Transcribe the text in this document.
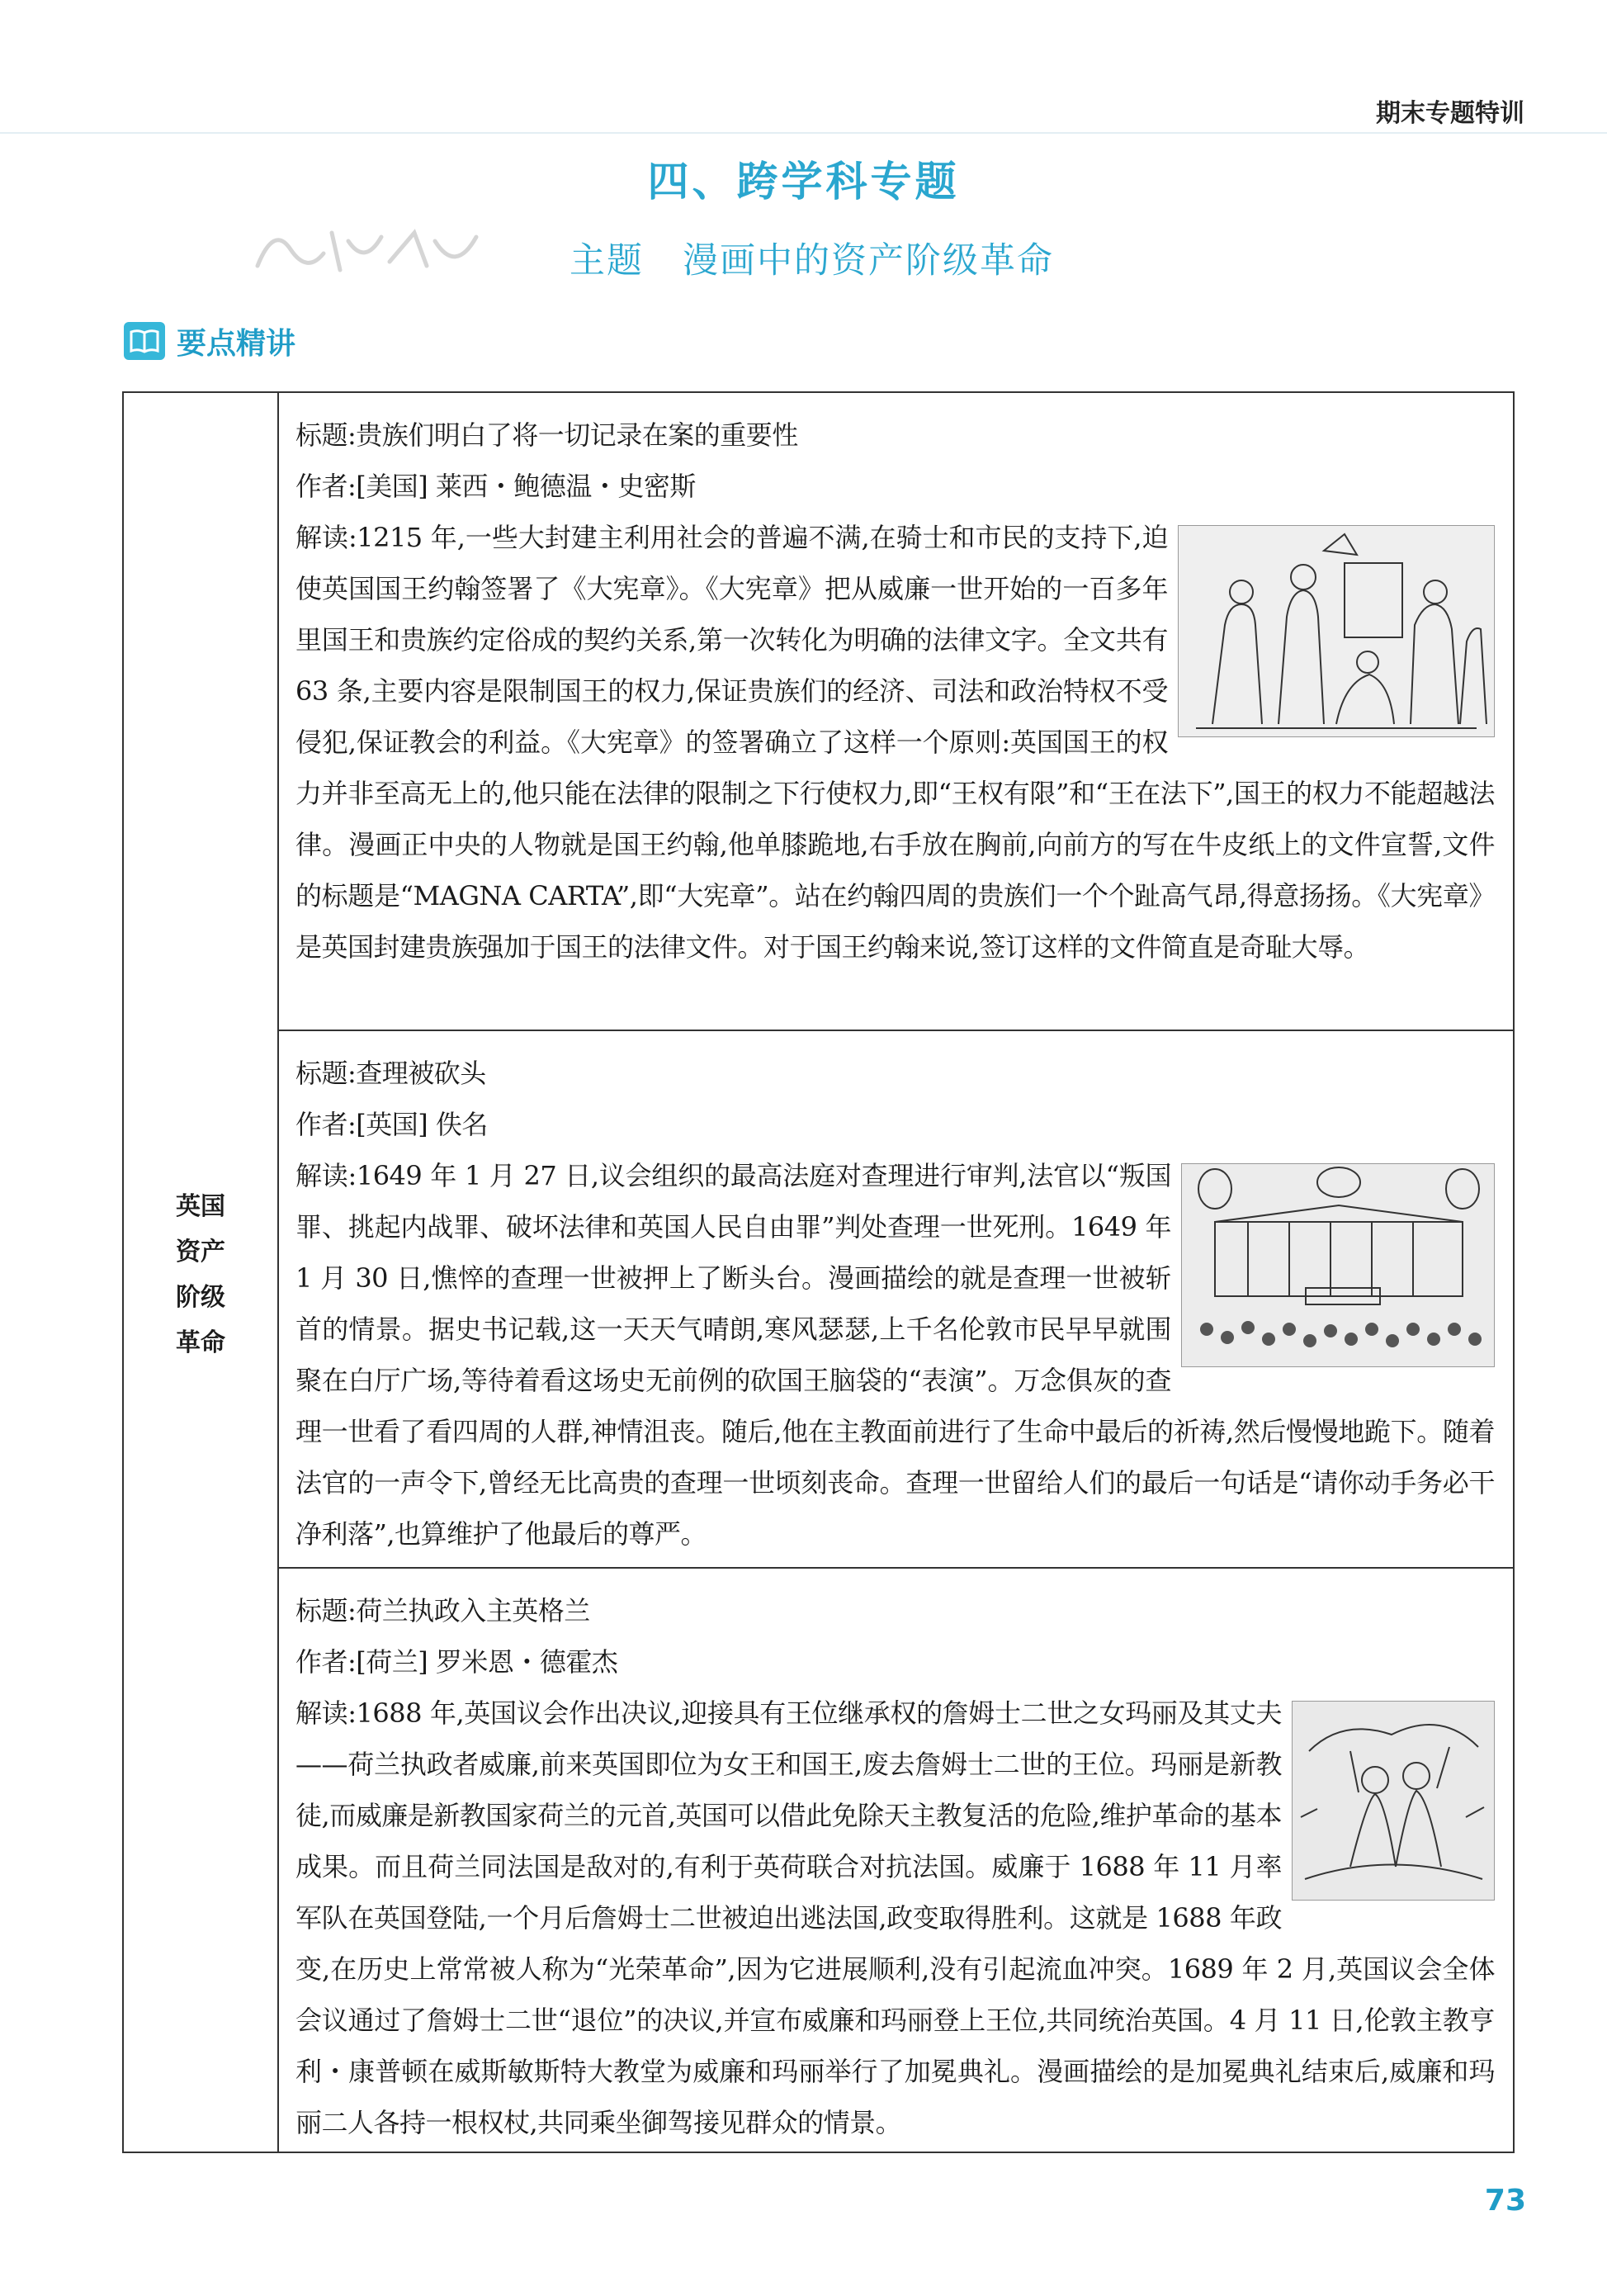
期末专题特训
四、跨学科专题
主题   漫画中的资产阶级革命
要点精讲
英国资产阶级革命

标题:贵族们明白了将一切记录在案的重要性

作者:[美国] 莱西・鲍德温・史密斯

解读:1215 年,一些大封建主利用社会的普遍不满,在骑士和市民的支持下,迫使英国国王约翰签署了《大宪章》。《大宪章》把从威廉一世开始的一百多年里国王和贵族约定俗成的契约关系,第一次转化为明确的法律文字。全文共有 63 条,主要内容是限制国王的权力,保证贵族们的经济、司法和政治特权不受侵犯,保证教会的利益。《大宪章》的签署确立了这样一个原则:英国国王的权力并非至高无上的,他只能在法律的限制之下行使权力,即“王权有限”和“王在法下”,国王的权力不能超越法律。漫画正中央的人物就是国王约翰,他单膝跪地,右手放在胸前,向前方的写在牛皮纸上的文件宣誓,文件的标题是“MAGNA CARTA”,即“大宪章”。站在约翰四周的贵族们一个个趾高气昂,得意扬扬。《大宪章》是英国封建贵族强加于国王的法律文件。对于国王约翰来说,签订这样的文件简直是奇耻大辱。

标题:查理被砍头

作者:[英国] 佚名

解读:1649 年 1 月 27 日,议会组织的最高法庭对查理进行审判,法官以“叛国罪、挑起内战罪、破坏法律和英国人民自由罪”判处查理一世死刑。1649 年 1 月 30 日,憔悴的查理一世被押上了断头台。漫画描绘的就是查理一世被斩首的情景。据史书记载,这一天天气晴朗,寒风瑟瑟,上千名伦敦市民早早就围聚在白厅广场,等待着看这场史无前例的砍国王脑袋的“表演”。万念俱灰的查理一世看了看四周的人群,神情沮丧。随后,他在主教面前进行了生命中最后的祈祷,然后慢慢地跪下。随着法官的一声令下,曾经无比高贵的查理一世顷刻丧命。查理一世留给人们的最后一句话是“请你动手务必干净利落”,也算维护了他最后的尊严。

标题:荷兰执政入主英格兰

作者:[荷兰] 罗米恩・德霍杰

解读:1688 年,英国议会作出决议,迎接具有王位继承权的詹姆士二世之女玛丽及其丈夫——荷兰执政者威廉,前来英国即位为女王和国王,废去詹姆士二世的王位。玛丽是新教徒,而威廉是新教国家荷兰的元首,英国可以借此免除天主教复活的危险,维护革命的基本成果。而且荷兰同法国是敌对的,有利于英荷联合对抗法国。威廉于 1688 年 11 月率军队在英国登陆,一个月后詹姆士二世被迫出逃法国,政变取得胜利。这就是 1688 年政变,在历史上常常被人称为“光荣革命”,因为它进展顺利,没有引起流血冲突。1689 年 2 月,英国议会全体会议通过了詹姆士二世“退位”的决议,并宣布威廉和玛丽登上王位,共同统治英国。4 月 11 日,伦敦主教亨利・康普顿在威斯敏斯特大教堂为威廉和玛丽举行了加冕典礼。漫画描绘的是加冕典礼结束后,威廉和玛丽二人各持一根权杖,共同乘坐御驾接见群众的情景。

73
